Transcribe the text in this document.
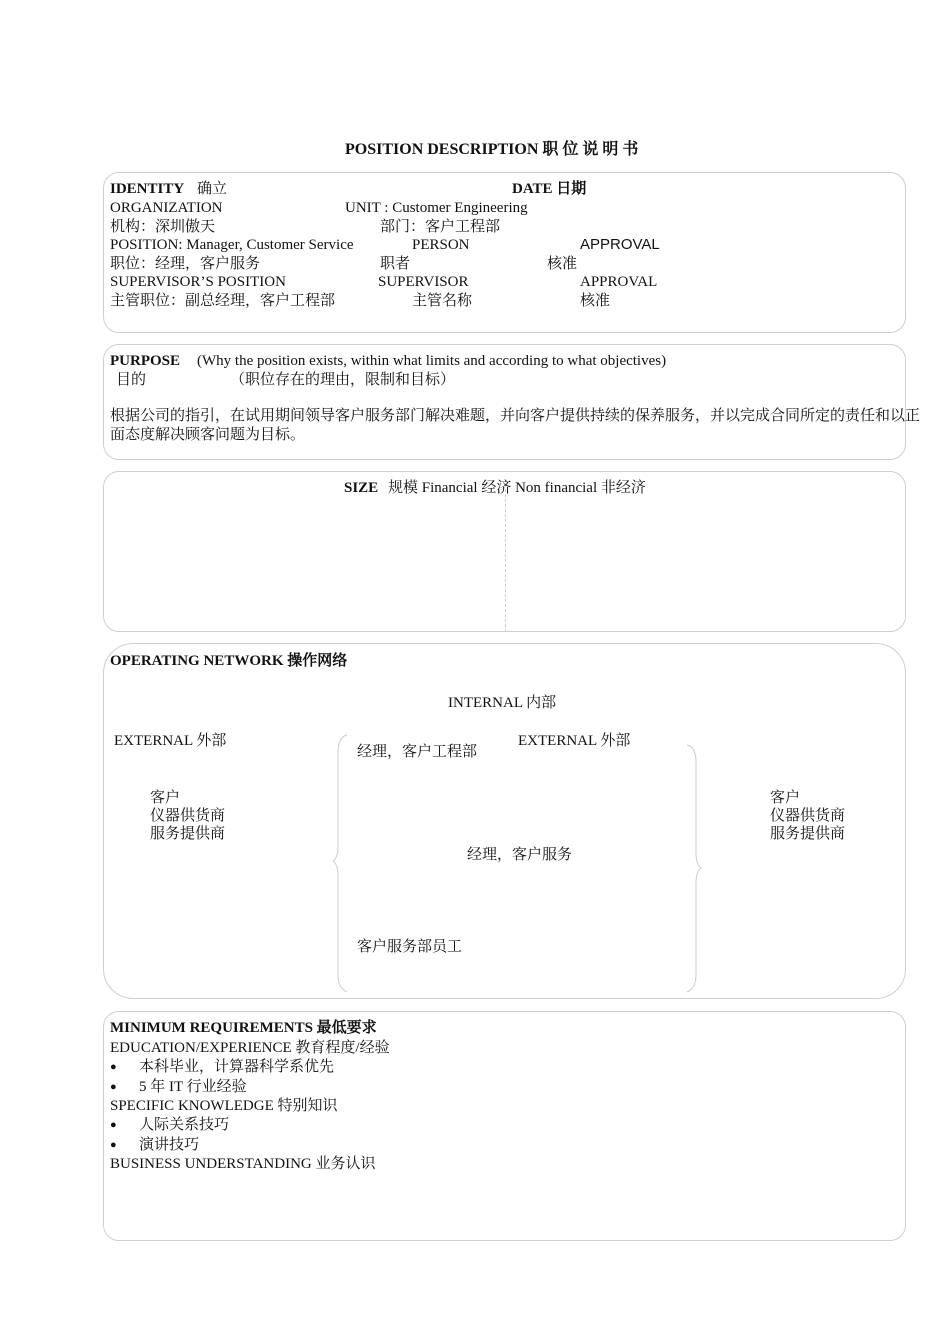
POSITION DESCRIPTION 职 位 说 明 书
IDENTITY 确立	DATE 日期
ORGANIZATION	UNIT : Customer Engineering
机构：深圳傲天	部门：客户工程部
POSITION: Manager, Customer Service	PERSON	APPROVAL
职位：经理，客户服务	职者	核准
SUPERVISOR’S POSITION	SUPERVISOR	APPROVAL
主管职位：副总经理，客户工程部	主管名称	核准
PURPOSE (Why the position exists, within what limits and according to what objectives)
目的	（职位存在的理由，限制和目标）
根据公司的指引，在试用期间领导客户服务部门解决难题，并向客户提供持续的保养服务，并以完成合同所定的责任和以正面态度解决顾客问题为目标。
SIZE 规模 Financial 经济 Non financial 非经济
OPERATING NETWORK 操作网络
INTERNAL 内部
EXTERNAL 外部	EXTERNAL 外部
客户
仪器供货商
服务提供商
客户
仪器供货商
服务提供商
经理，客户工程部
经理，客户服务
客户服务部员工
MINIMUM REQUIREMENTS 最低要求
EDUCATION/EXPERIENCE 教育程度/经验
● 本科毕业，计算器科学系优先
● 5 年 IT 行业经验
SPECIFIC KNOWLEDGE 特别知识
● 人际关系技巧
● 演讲技巧
BUSINESS UNDERSTANDING 业务认识
